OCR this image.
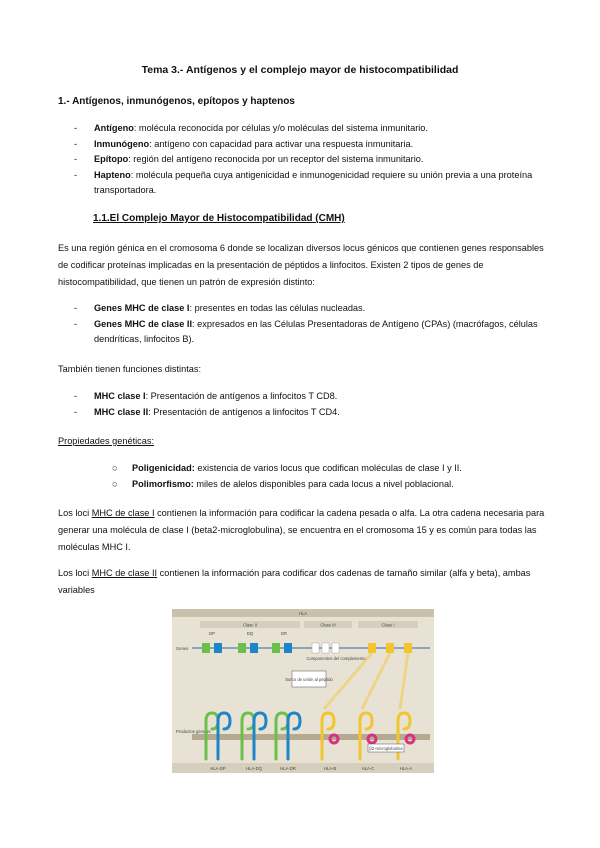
Tema 3.- Antígenos y el complejo mayor de histocompatibilidad
1.- Antígenos, inmunógenos, epítopos y haptenos
- Antígeno: molécula reconocida por células y/o moléculas del sistema inmunitario.
- Inmunógeno: antígeno con capacidad para activar una respuesta inmunitaria.
- Epítopo: región del antígeno reconocida por un receptor del sistema inmunitario.
- Hapteno: molécula pequeña cuya antigenicidad e inmunogenicidad requiere su unión previa a una proteína transportadora.
1.1.El Complejo Mayor de Histocompatibilidad (CMH)

Es una región génica en el cromosoma 6 donde se localizan diversos locus génicos que contienen genes responsables de codificar proteínas implicadas en la presentación de péptidos a linfocitos. Existen 2 tipos de genes de histocompatibilidad, que tienen un patrón de expresión distinto:

- Genes MHC de clase I: presentes en todas las células nucleadas.
- Genes MHC de clase II: expresados en las Células Presentadoras de Antígeno (CPAs) (macrófagos, células dendríticas, linfocitos B).

También tienen funciones distintas:

- MHC clase I: Presentación de antígenos a linfocitos T CD8.
- MHC clase II: Presentación de antígenos a linfocitos T CD4.

Propiedades genéticas:

○ Poligenicidad: existencia de varios locus que codifican moléculas de clase I y II.
○ Polimorfismo: miles de alelos disponibles para cada locus a nivel poblacional.

Los loci MHC de clase I contienen la información para codificar la cadena pesada o alfa. La otra cadena necesaria para generar una molécula de clase I (beta2-microglobulina), se encuentra en el cromosoma 15 y es común para todas las moléculas MHC I.

Los loci MHC de clase II contienen la información para codificar dos cadenas de tamaño similar (alfa y beta), ambas variables

HLA
Clase II	Clase III	Clase I
DP	DQ	DR
Genes
Componentes del complemento
Surco de unión al péptido
Productos génicos
β2-microglobulina
HLA-DP	HLA-DQ	HLA-DR	HLA-B	HLA-C	HLA-A
